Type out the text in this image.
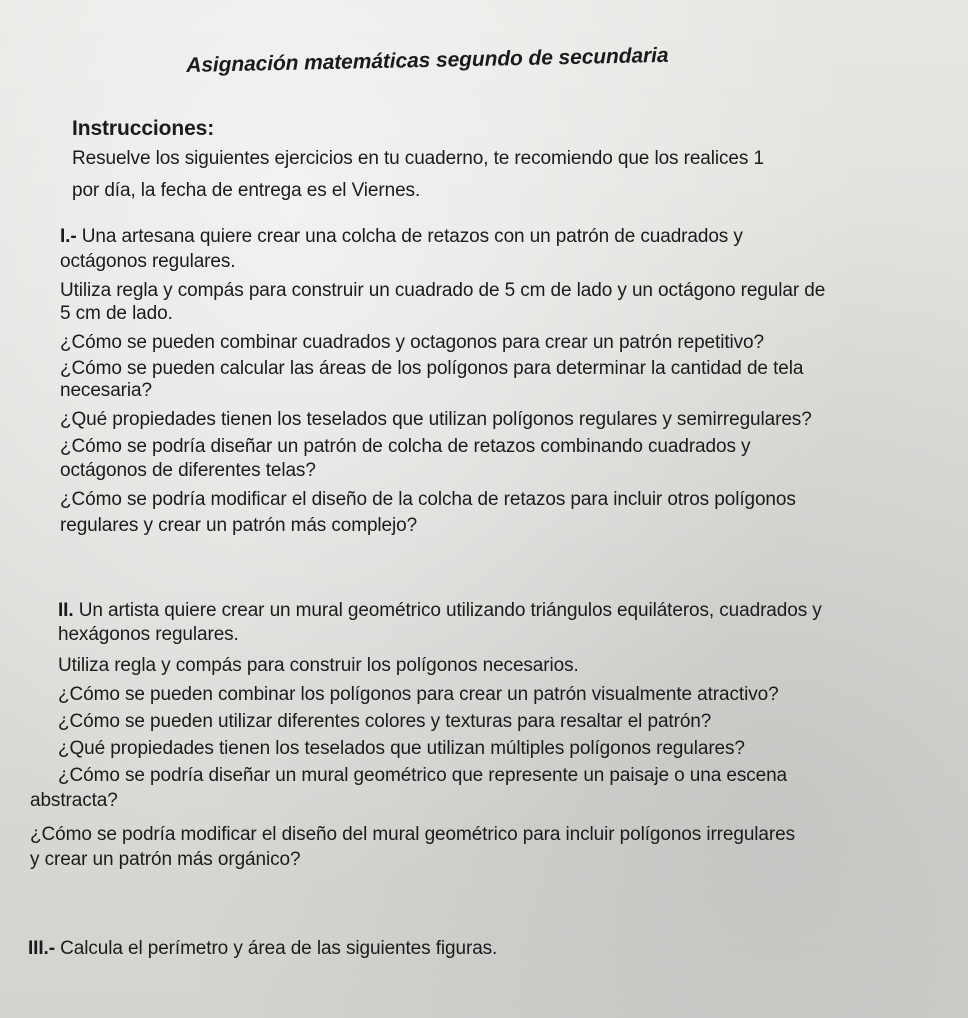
Asignación matemáticas segundo de secundaria

Instrucciones:

Resuelve los siguientes ejercicios en tu cuaderno, te recomiendo que los realices 1

por día, la fecha de entrega es el Viernes.

I.- Una artesana quiere crear una colcha de retazos con un patrón de cuadrados y

octágonos regulares.

Utiliza regla y compás para construir un cuadrado de 5 cm de lado y un octágono regular de

5 cm de lado.

¿Cómo se pueden combinar cuadrados y octagonos para crear un patrón repetitivo?

¿Cómo se pueden calcular las áreas de los polígonos para determinar la cantidad de tela

necesaria?

¿Qué propiedades tienen los teselados que utilizan polígonos regulares y semirregulares?

¿Cómo se podría diseñar un patrón de colcha de retazos combinando cuadrados y

octágonos de diferentes telas?

¿Cómo se podría modificar el diseño de la colcha de retazos para incluir otros polígonos

regulares y crear un patrón más complejo?

II. Un artista quiere crear un mural geométrico utilizando triángulos equiláteros, cuadrados y

hexágonos regulares.

Utiliza regla y compás para construir los polígonos necesarios.

¿Cómo se pueden combinar los polígonos para crear un patrón visualmente atractivo?

¿Cómo se pueden utilizar diferentes colores y texturas para resaltar el patrón?

¿Qué propiedades tienen los teselados que utilizan múltiples polígonos regulares?

¿Cómo se podría diseñar un mural geométrico que represente un paisaje o una escena

abstracta?

¿Cómo se podría modificar el diseño del mural geométrico para incluir polígonos irregulares

y crear un patrón más orgánico?

III.- Calcula el perímetro y área de las siguientes figuras.
